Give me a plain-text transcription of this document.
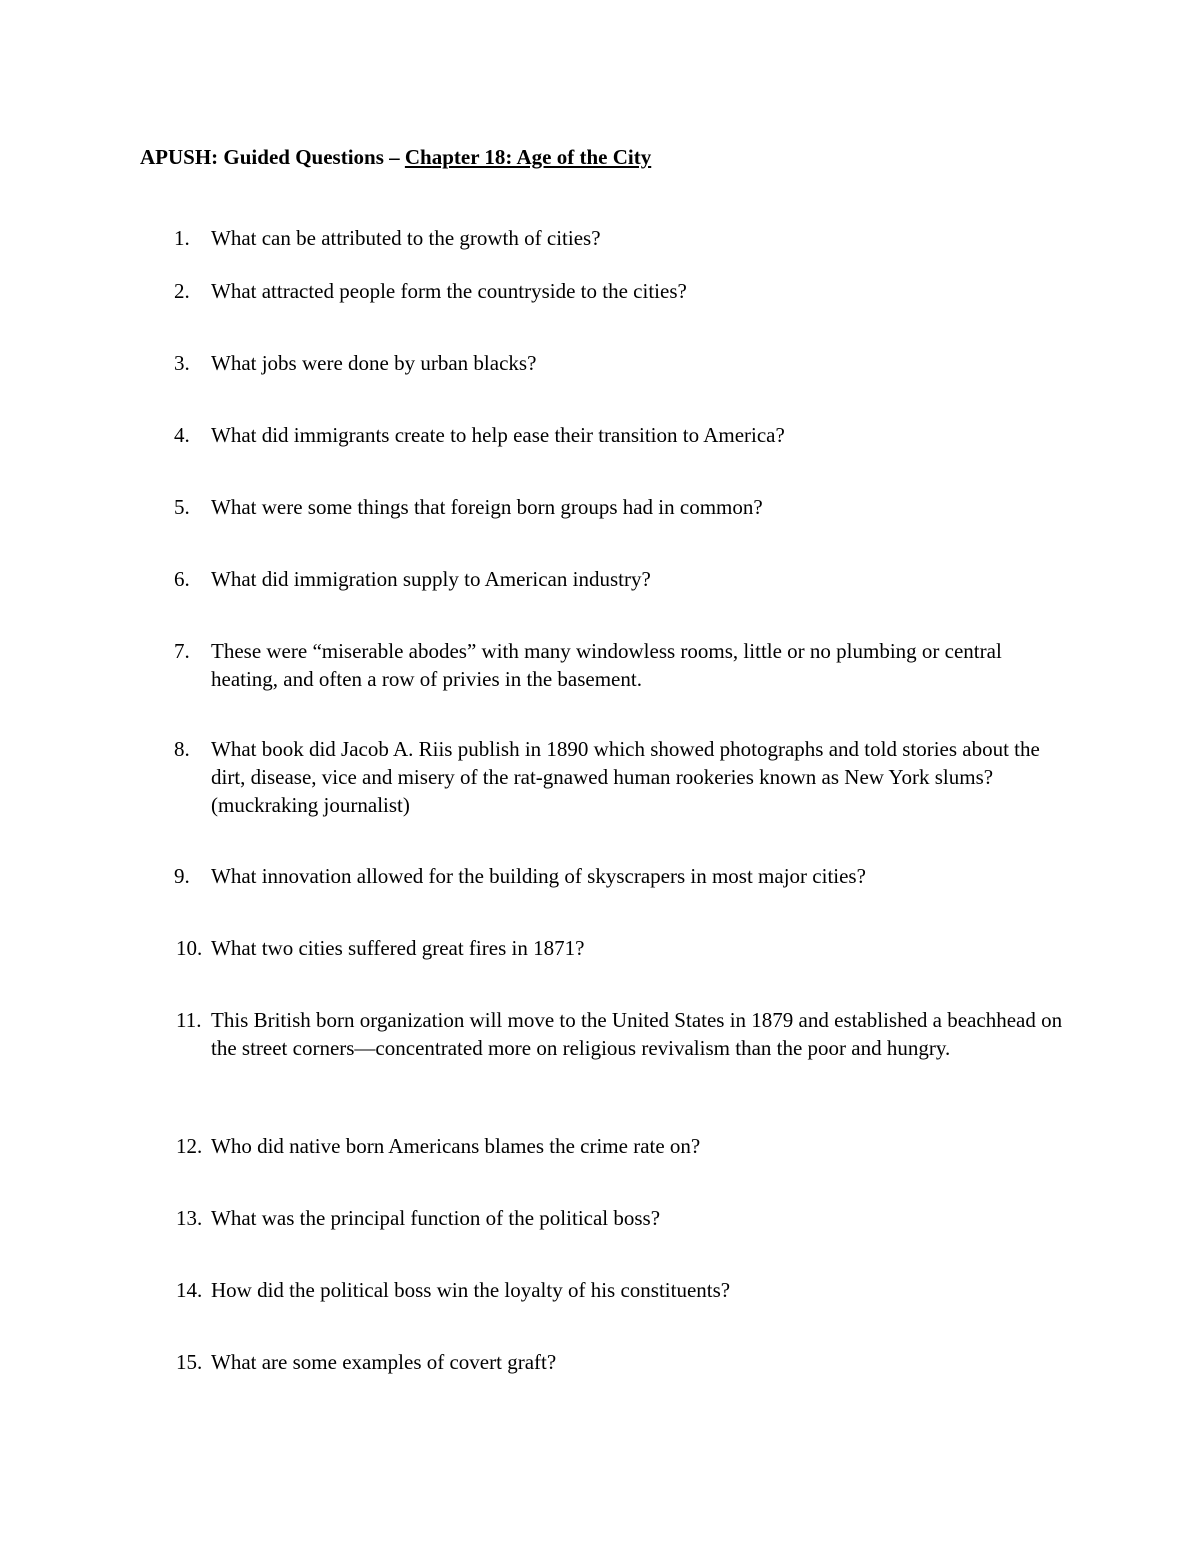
APUSH: Guided Questions – Chapter 18: Age of the City
1. What can be attributed to the growth of cities?
2. What attracted people form the countryside to the cities?
3. What jobs were done by urban blacks?
4. What did immigrants create to help ease their transition to America?
5. What were some things that foreign born groups had in common?
6. What did immigration supply to American industry?
7. These were “miserable abodes” with many windowless rooms, little or no plumbing or central heating, and often a row of privies in the basement.
8. What book did Jacob A. Riis publish in 1890 which showed photographs and told stories about the dirt, disease, vice and misery of the rat-gnawed human rookeries known as New York slums? (muckraking journalist)
9. What innovation allowed for the building of skyscrapers in most major cities?
10. What two cities suffered great fires in 1871?
11. This British born organization will move to the United States in 1879 and established a beachhead on the street corners—concentrated more on religious revivalism than the poor and hungry.
12. Who did native born Americans blames the crime rate on?
13. What was the principal function of the political boss?
14. How did the political boss win the loyalty of his constituents?
15. What are some examples of covert graft?
